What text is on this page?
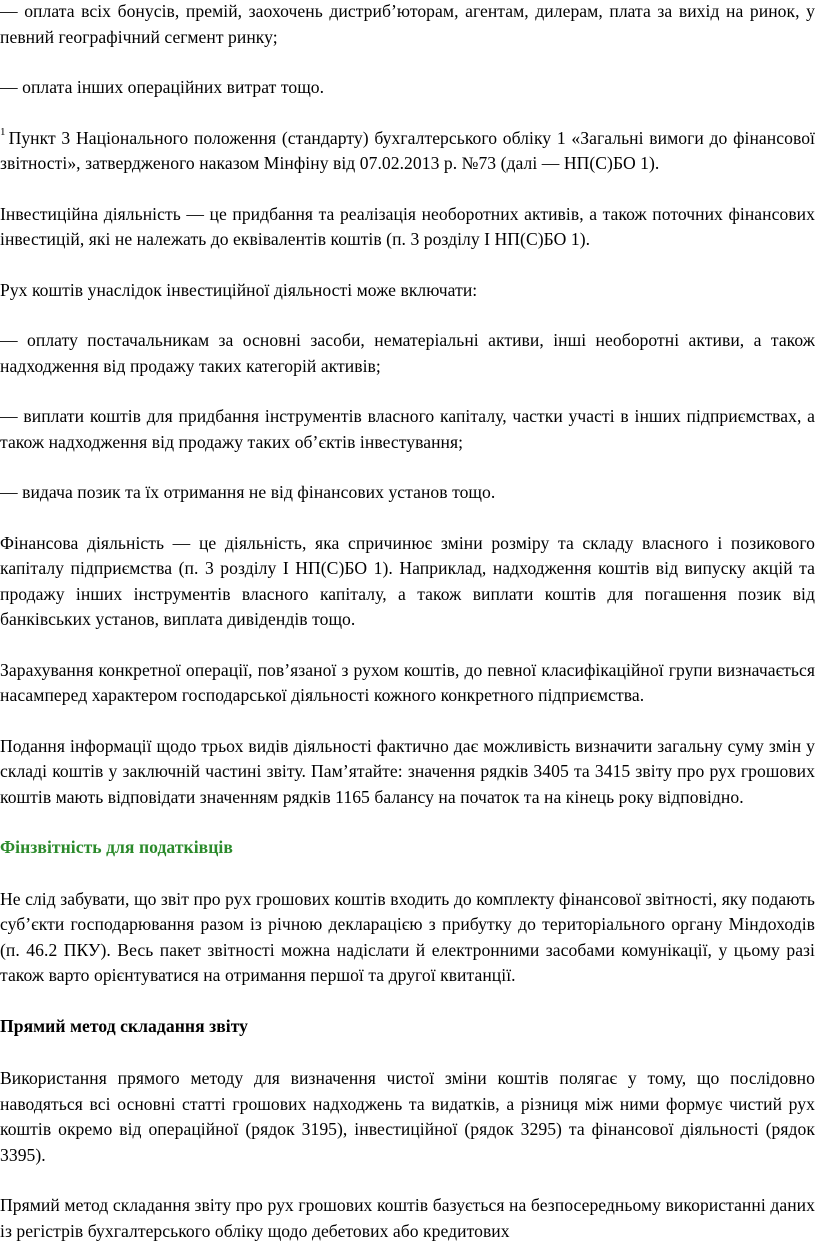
— оплата всіх бонусів, премій, заохочень дистриб’юторам, агентам, дилерам, плата за вихід на ринок, у певний географічний сегмент ринку;

— оплата інших операційних витрат тощо.

$^1$ Пункт 3 Національного положення (стандарту) бухгалтерського обліку 1 «Загальні вимоги до фінансової звітності», затвердженого наказом Мінфіну від 07.02.2013 р. №73 (далі — НП(С)БО 1).

Інвестиційна діяльність — це придбання та реалізація необоротних активів, а також поточних фінансових інвестицій, які не належать до еквівалентів коштів (п. 3 розділу I НП(С)БО 1).

Рух коштів унаслідок інвестиційної діяльності може включати:

— оплату постачальникам за основні засоби, нематеріальні активи, інші необоротні активи, а також надходження від продажу таких категорій активів;

— виплати коштів для придбання інструментів власного капіталу, частки участі в інших підприємствах, а також надходження від продажу таких об’єктів інвестування;

— видача позик та їх отримання не від фінансових установ тощо.

Фінансова діяльність — це діяльність, яка спричинює зміни розміру та складу власного і позикового капіталу підприємства (п. 3 розділу I НП(С)БО 1). Наприклад, надходження коштів від випуску акцій та продажу інших інструментів власного капіталу, а також виплати коштів для погашення позик від банківських установ, виплата дивідендів тощо.

Зарахування конкретної операції, пов’язаної з рухом коштів, до певної класифікаційної групи визначається насамперед характером господарської діяльності кожного конкретного підприємства.

Подання інформації щодо трьох видів діяльності фактично дає можливість визначити загальну суму змін у складі коштів у заключній частині звіту. Пам’ятайте: значення рядків 3405 та 3415 звіту про рух грошових коштів мають відповідати значенням рядків 1165 балансу на початок та на кінець року відповідно.

Фінзвітність для податківців

Не слід забувати, що звіт про рух грошових коштів входить до комплекту фінансової звітності, яку подають суб’єкти господарювання разом із річною декларацією з прибутку до територіального органу Міндоходів (п. 46.2 ПКУ). Весь пакет звітності можна надіслати й електронними засобами комунікації, у цьому разі також варто орієнтуватися на отримання першої та другої квитанції.

Прямий метод складання звіту

Використання прямого методу для визначення чистої зміни коштів полягає у тому, що послідовно наводяться всі основні статті грошових надходжень та видатків, а різниця між ними формує чистий рух коштів окремо від операційної (рядок 3195), інвестиційної (рядок 3295) та фінансової діяльності (рядок 3395).

Прямий метод складання звіту про рух грошових коштів базується на безпосередньому використанні даних із регістрів бухгалтерського обліку щодо дебетових або кредитових
